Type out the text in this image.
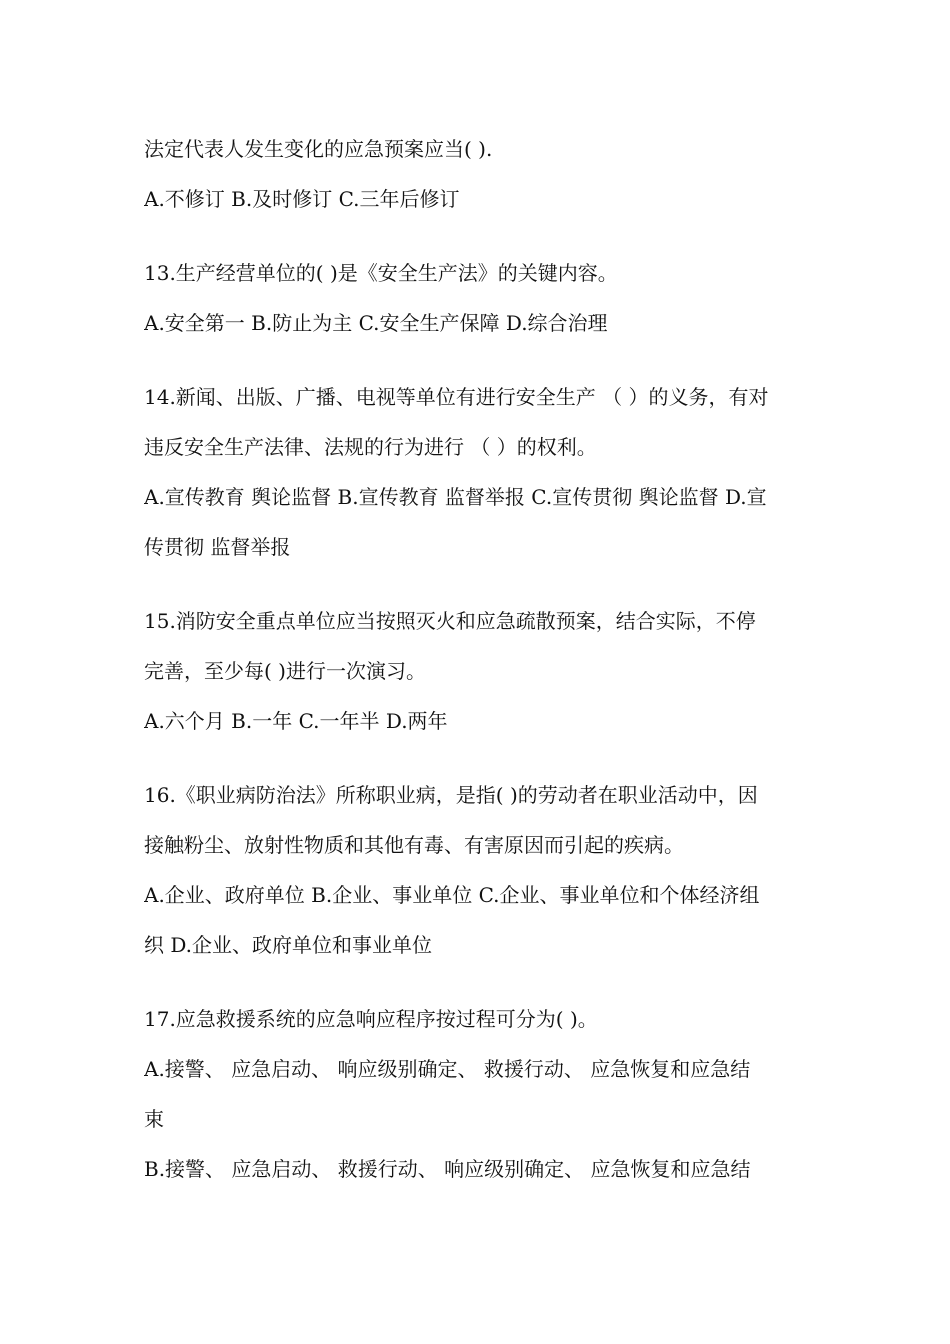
法定代表人发生变化的应急预案应当( ).
A.不修订 B.及时修订 C.三年后修订
13.生产经营单位的( )是《安全生产法》的关键内容。
A.安全第一 B.防止为主 C.安全生产保障 D.综合治理
14.新闻、出版、广播、电视等单位有进行安全生产 （ ）的义务，有对
违反安全生产法律、法规的行为进行 （ ）的权利。
A.宣传教育 舆论监督 B.宣传教育 监督举报 C.宣传贯彻 舆论监督 D.宣
传贯彻 监督举报
15.消防安全重点单位应当按照灭火和应急疏散预案，结合实际，不停
完善，至少每( )进行一次演习。
A.六个月 B.一年 C.一年半 D.两年
16.《职业病防治法》所称职业病，是指( )的劳动者在职业活动中，因
接触粉尘、放射性物质和其他有毒、有害原因而引起的疾病。
A.企业、政府单位 B.企业、事业单位 C.企业、事业单位和个体经济组
织 D.企业、政府单位和事业单位
17.应急救援系统的应急响应程序按过程可分为( )。
A.接警、 应急启动、 响应级别确定、 救援行动、 应急恢复和应急结
束
B.接警、 应急启动、 救援行动、 响应级别确定、 应急恢复和应急结
